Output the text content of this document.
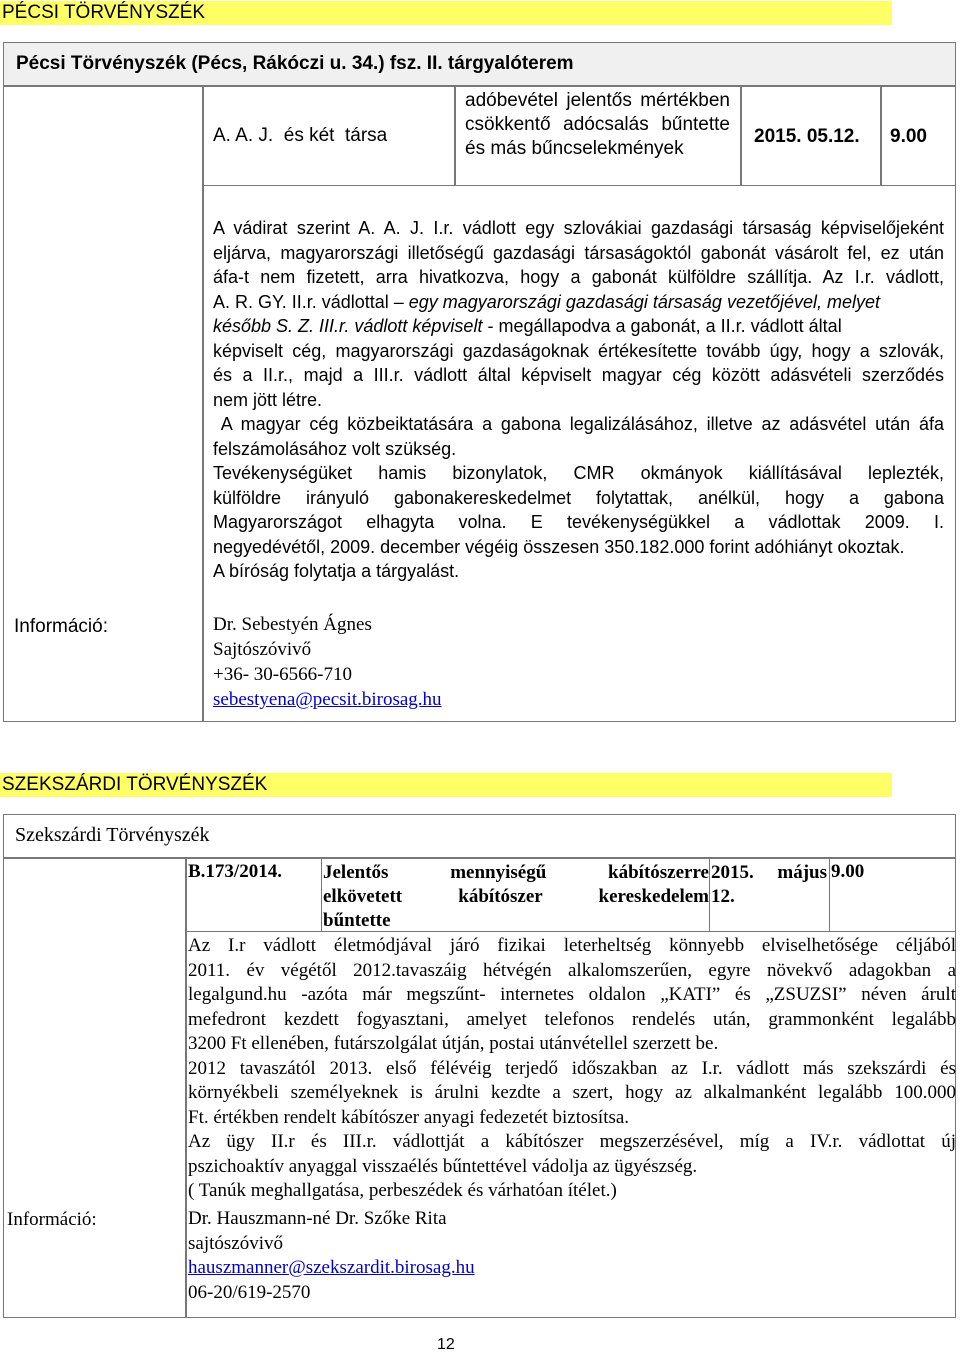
PÉCSI TÖRVÉNYSZÉK
Pécsi Törvényszék (Pécs, Rákóczi u. 34.) fsz. II. tárgyalóterem
Információ:
A. A. J.  és két  társa
adóbevétel jelentős mértékben csökkentő adócsalás bűntette és más bűncselekmények
2015. 05.12. 9.00
A vádirat szerint A. A. J. I.r. vádlott egy szlovákiai gazdasági társaság képviselőjeként
eljárva, magyarországi illetőségű gazdasági társaságoktól gabonát vásárolt fel, ez után
áfa-t nem fizetett, arra hivatkozva, hogy a gabonát külföldre szállítja. Az I.r. vádlott,
A. R. GY. II.r. vádlottal – egy magyarországi gazdasági társaság vezetőjével, melyet
később S. Z. III.r. vádlott képviselt - megállapodva a gabonát, a II.r. vádlott által
képviselt cég, magyarországi gazdaságoknak értékesítette tovább úgy, hogy a szlovák,
és a II.r., majd a III.r. vádlott által képviselt magyar cég között adásvételi szerződés
nem jött létre.
A magyar cég közbeiktatására a gabona legalizálásához, illetve az adásvétel után áfa
felszámolásához volt szükség.
Tevékenységüket hamis bizonylatok, CMR okmányok kiállításával leplezték,
külföldre irányuló gabonakereskedelmet folytattak, anélkül, hogy a gabona
Magyarországot elhagyta volna. E tevékenységükkel a vádlottak 2009. I.
negyedévétől, 2009. december végéig összesen 350.182.000 forint adóhiányt okoztak.
A bíróság folytatja a tárgyalást.
Dr. Sebestyén Ágnes
Sajtószóvivő
+36- 30-6566-710
sebestyena@pecsit.birosag.hu
SZEKSZÁRDI TÖRVÉNYSZÉK
Szekszárdi Törvényszék
Információ:
B.173/2014. Jelentős mennyiségű kábítószerre
elkövetett kábítószer kereskedelem
bűntette
2015. május
12.
9.00
Az I.r vádlott életmódjával járó fizikai leterheltség könnyebb elviselhetősége céljából
2011. év végétől 2012.tavaszáig hétvégén alkalomszerűen, egyre növekvő adagokban a
legalgund.hu -azóta már megszűnt- internetes oldalon „KATI” és „ZSUZSI” néven árult
mefedront kezdett fogyasztani, amelyet telefonos rendelés után, grammonként legalább
3200 Ft ellenében, futárszolgálat útján, postai utánvétellel szerzett be.
2012 tavaszától 2013. első félévéig terjedő időszakban az I.r. vádlott más szekszárdi és
környékbeli személyeknek is árulni kezdte a szert, hogy az alkalmanként legalább 100.000
Ft. értékben rendelt kábítószer anyagi fedezetét biztosítsa.
Az ügy II.r és III.r. vádlottját a kábítószer megszerzésével, míg a IV.r. vádlottat új
pszichoaktív anyaggal visszaélés bűntettével vádolja az ügyészség.
( Tanúk meghallgatása, perbeszédek és várhatóan ítélet.)
Dr. Hauszmann-né Dr. Szőke Rita
sajtószóvivő
hauszmanner@szekszardit.birosag.hu
06-20/619-2570
12
